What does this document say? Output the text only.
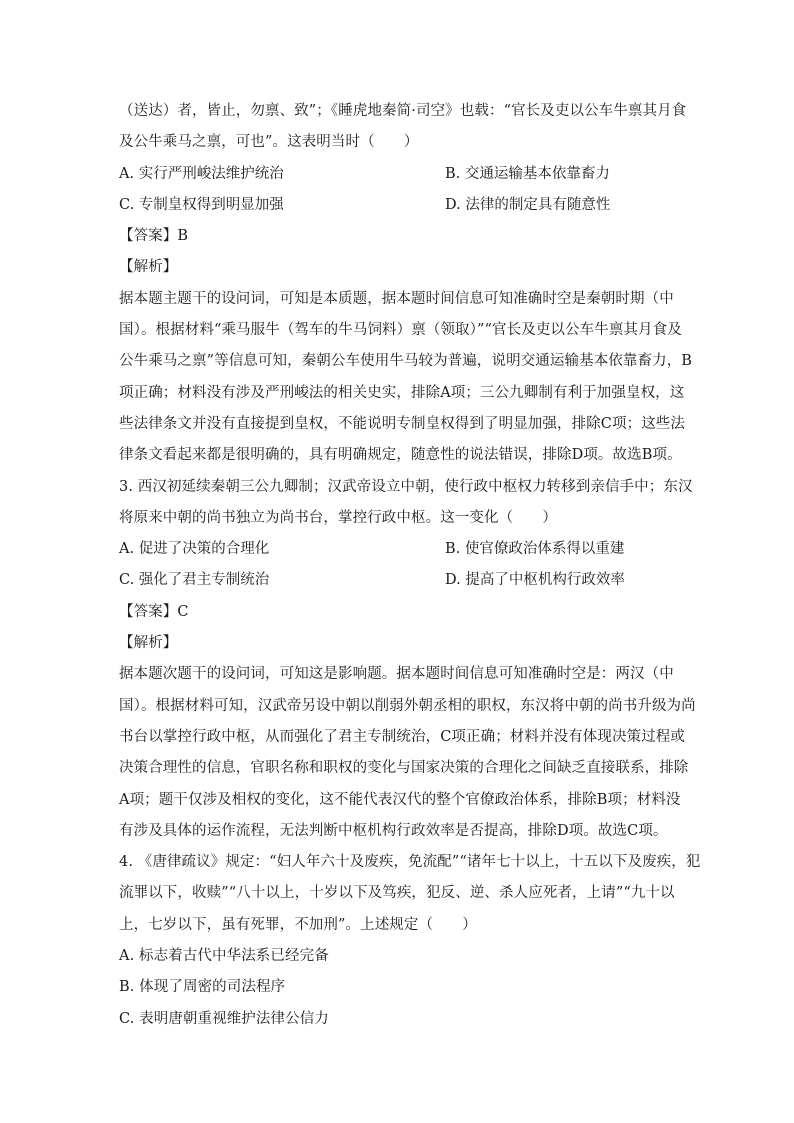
（送达）者，皆止，勿禀、致”；《睡虎地秦简·司空》也载：“官长及吏以公车牛禀其月食
及公牛乘马之禀，可也”。这表明当时（　　）
A. 实行严刑峻法维护统治	B. 交通运输基本依靠畜力
C. 专制皇权得到明显加强	D. 法律的制定具有随意性
【答案】B
【解析】
据本题主题干的设问词，可知是本质题，据本题时间信息可知准确时空是秦朝时期（中
国）。根据材料“乘马服牛（驾车的牛马饲料）禀（领取）”“官长及吏以公车牛禀其月食及
公牛乘马之禀”等信息可知，秦朝公车使用牛马较为普遍，说明交通运输基本依靠畜力，B
项正确；材料没有涉及严刑峻法的相关史实，排除A项；三公九卿制有利于加强皇权，这
些法律条文并没有直接提到皇权，不能说明专制皇权得到了明显加强，排除C项；这些法
律条文看起来都是很明确的，具有明确规定，随意性的说法错误，排除D项。故选B项。
3. 西汉初延续秦朝三公九卿制；汉武帝设立中朝，使行政中枢权力转移到亲信手中；东汉
将原来中朝的尚书独立为尚书台，掌控行政中枢。这一变化（　　）
A. 促进了决策的合理化	B. 使官僚政治体系得以重建
C. 强化了君主专制统治	D. 提高了中枢机构行政效率
【答案】C
【解析】
据本题次题干的设问词，可知这是影响题。据本题时间信息可知准确时空是：两汉（中
国）。根据材料可知，汉武帝另设中朝以削弱外朝丞相的职权，东汉将中朝的尚书升级为尚
书台以掌控行政中枢，从而强化了君主专制统治，C项正确；材料并没有体现决策过程或
决策合理性的信息，官职名称和职权的变化与国家决策的合理化之间缺乏直接联系，排除
A项；题干仅涉及相权的变化，这不能代表汉代的整个官僚政治体系，排除B项；材料没
有涉及具体的运作流程，无法判断中枢机构行政效率是否提高，排除D项。故选C项。
4. 《唐律疏议》规定：“妇人年六十及废疾，免流配”“诸年七十以上，十五以下及废疾，犯
流罪以下，收赎”“八十以上，十岁以下及笃疾，犯反、逆、杀人应死者，上请”“九十以
上，七岁以下，虽有死罪，不加刑”。上述规定（　　）
A. 标志着古代中华法系已经完备
B. 体现了周密的司法程序
C. 表明唐朝重视维护法律公信力
